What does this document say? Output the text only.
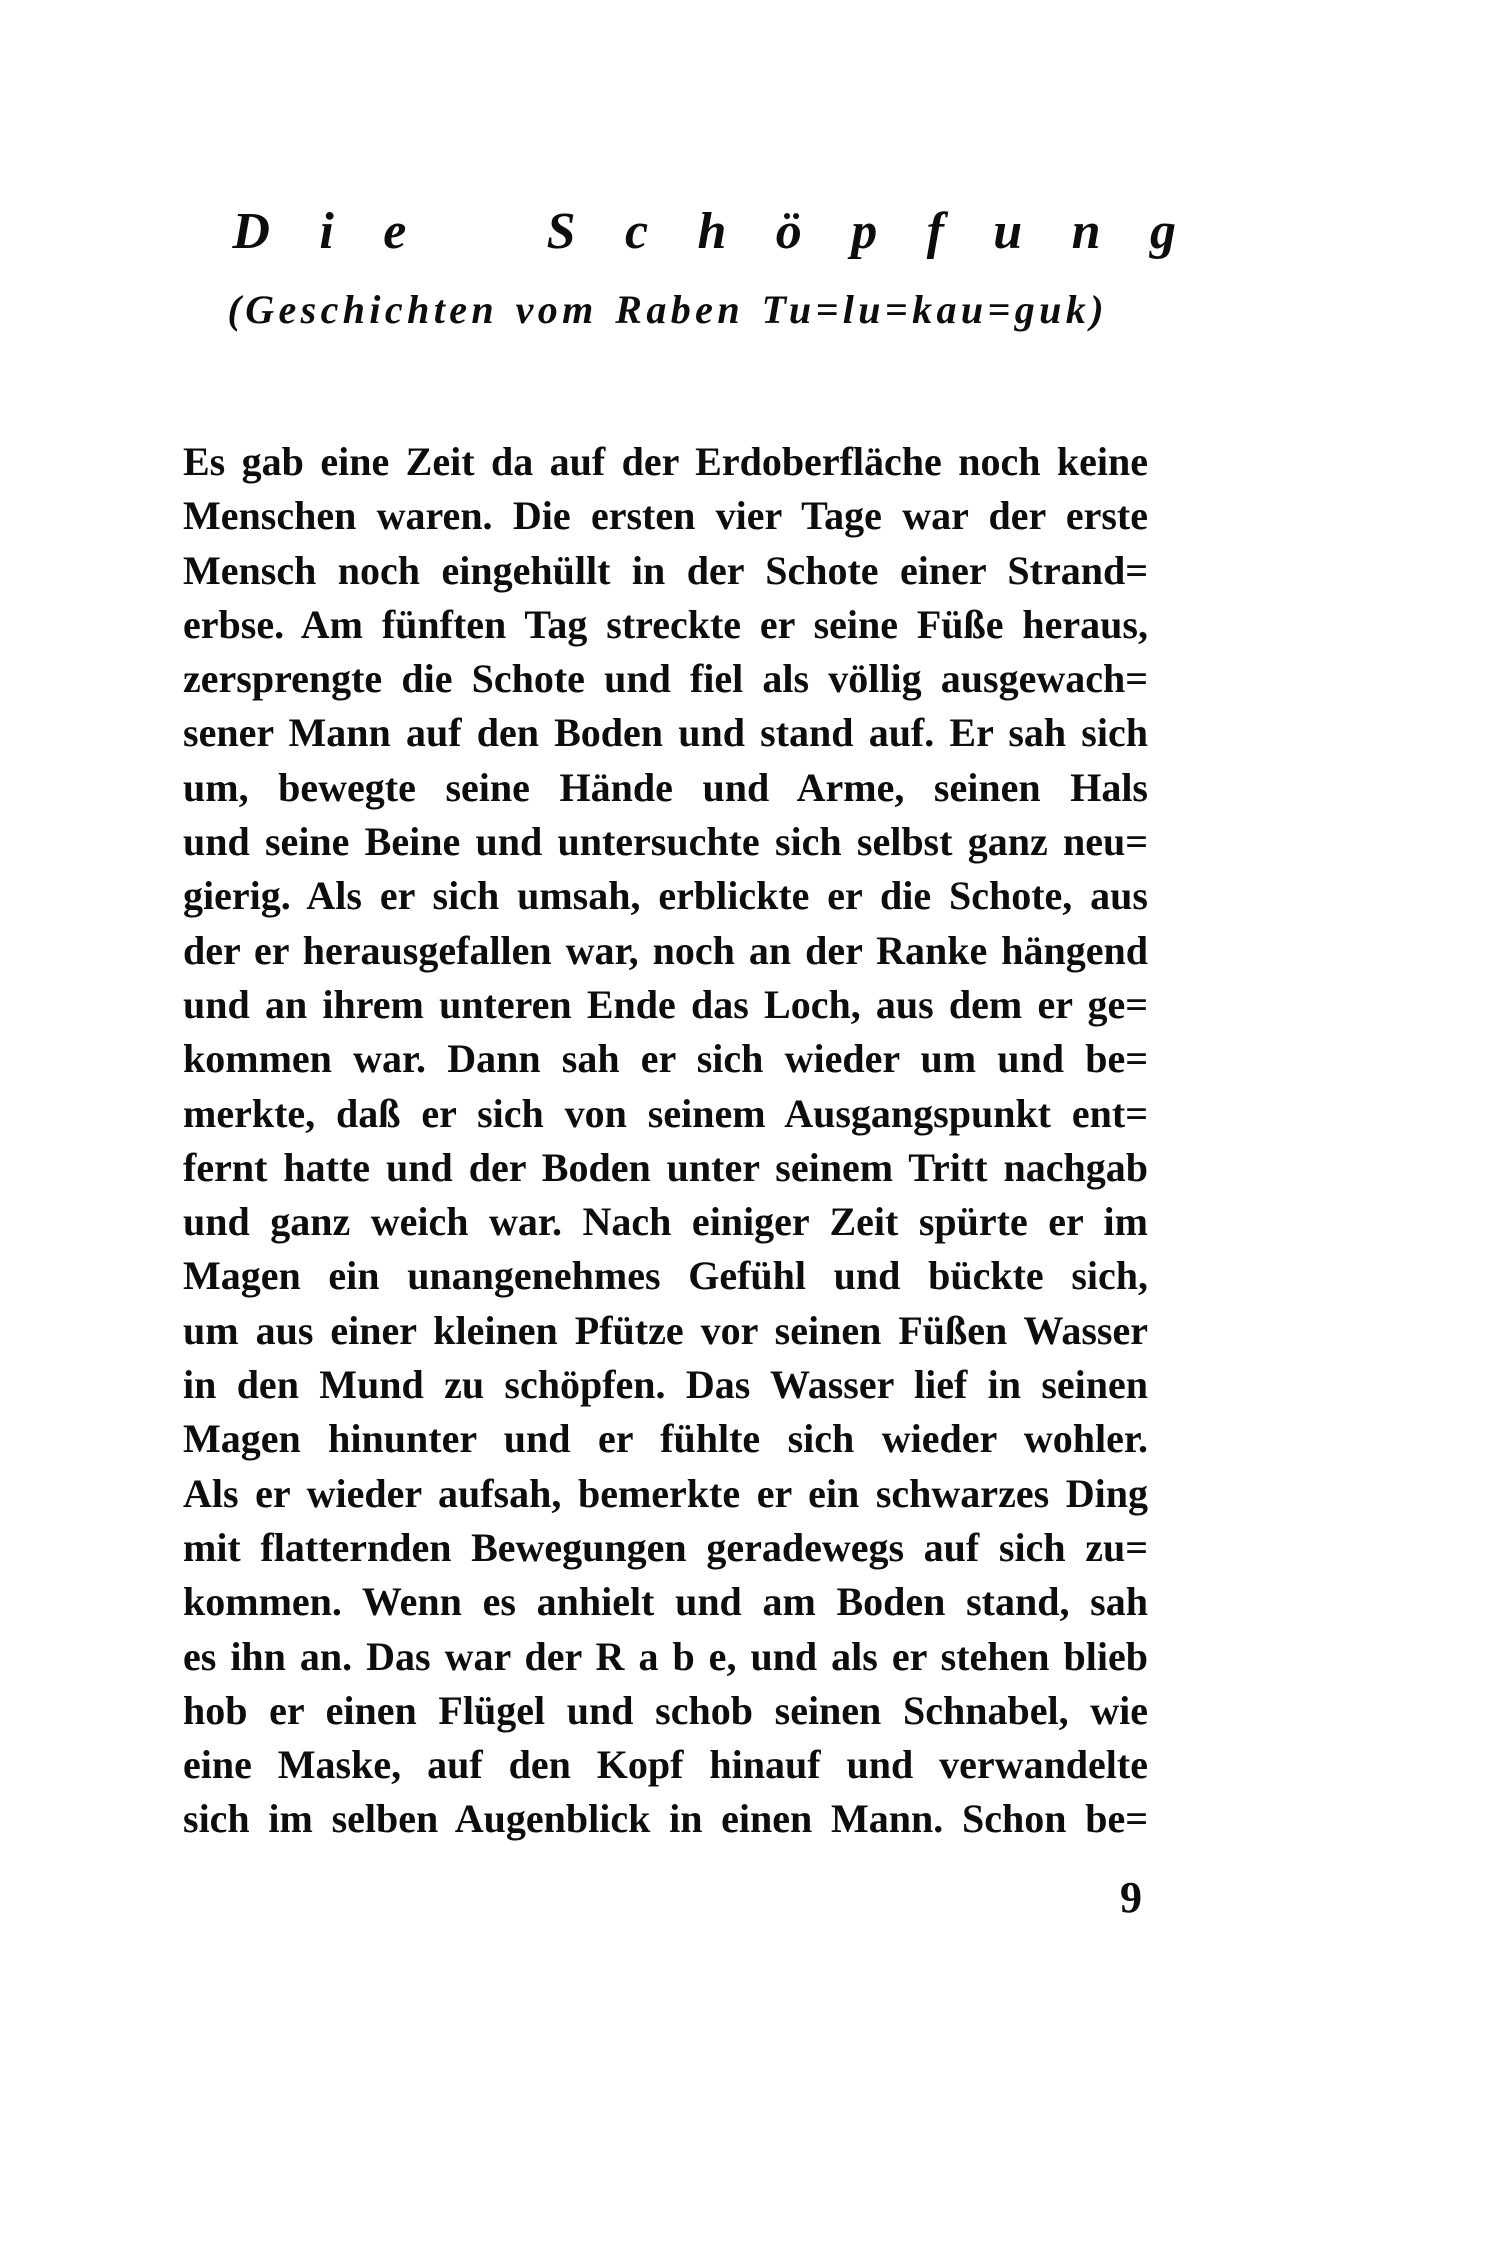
Die Schöpfung
(Geschichten vom Raben Tu=lu=kau=guk)
Es gab eine Zeit da auf der Erdoberfläche noch keine
Menschen waren. Die ersten vier Tage war der erste
Mensch noch eingehüllt in der Schote einer Strand=
erbse. Am fünften Tag streckte er seine Füße heraus,
zersprengte die Schote und fiel als völlig ausgewach=
sener Mann auf den Boden und stand auf. Er sah sich
um, bewegte seine Hände und Arme, seinen Hals
und seine Beine und untersuchte sich selbst ganz neu=
gierig. Als er sich umsah, erblickte er die Schote, aus
der er herausgefallen war, noch an der Ranke hängend
und an ihrem unteren Ende das Loch, aus dem er ge=
kommen war. Dann sah er sich wieder um und be=
merkte, daß er sich von seinem Ausgangspunkt ent=
fernt hatte und der Boden unter seinem Tritt nachgab
und ganz weich war. Nach einiger Zeit spürte er im
Magen ein unangenehmes Gefühl und bückte sich,
um aus einer kleinen Pfütze vor seinen Füßen Wasser
in den Mund zu schöpfen. Das Wasser lief in seinen
Magen hinunter und er fühlte sich wieder wohler.
Als er wieder aufsah, bemerkte er ein schwarzes Ding
mit flatternden Bewegungen geradewegs auf sich zu=
kommen. Wenn es anhielt und am Boden stand, sah
es ihn an. Das war der R a b e, und als er stehen blieb
hob er einen Flügel und schob seinen Schnabel, wie
eine Maske, auf den Kopf hinauf und verwandelte
sich im selben Augenblick in einen Mann. Schon be=
9
